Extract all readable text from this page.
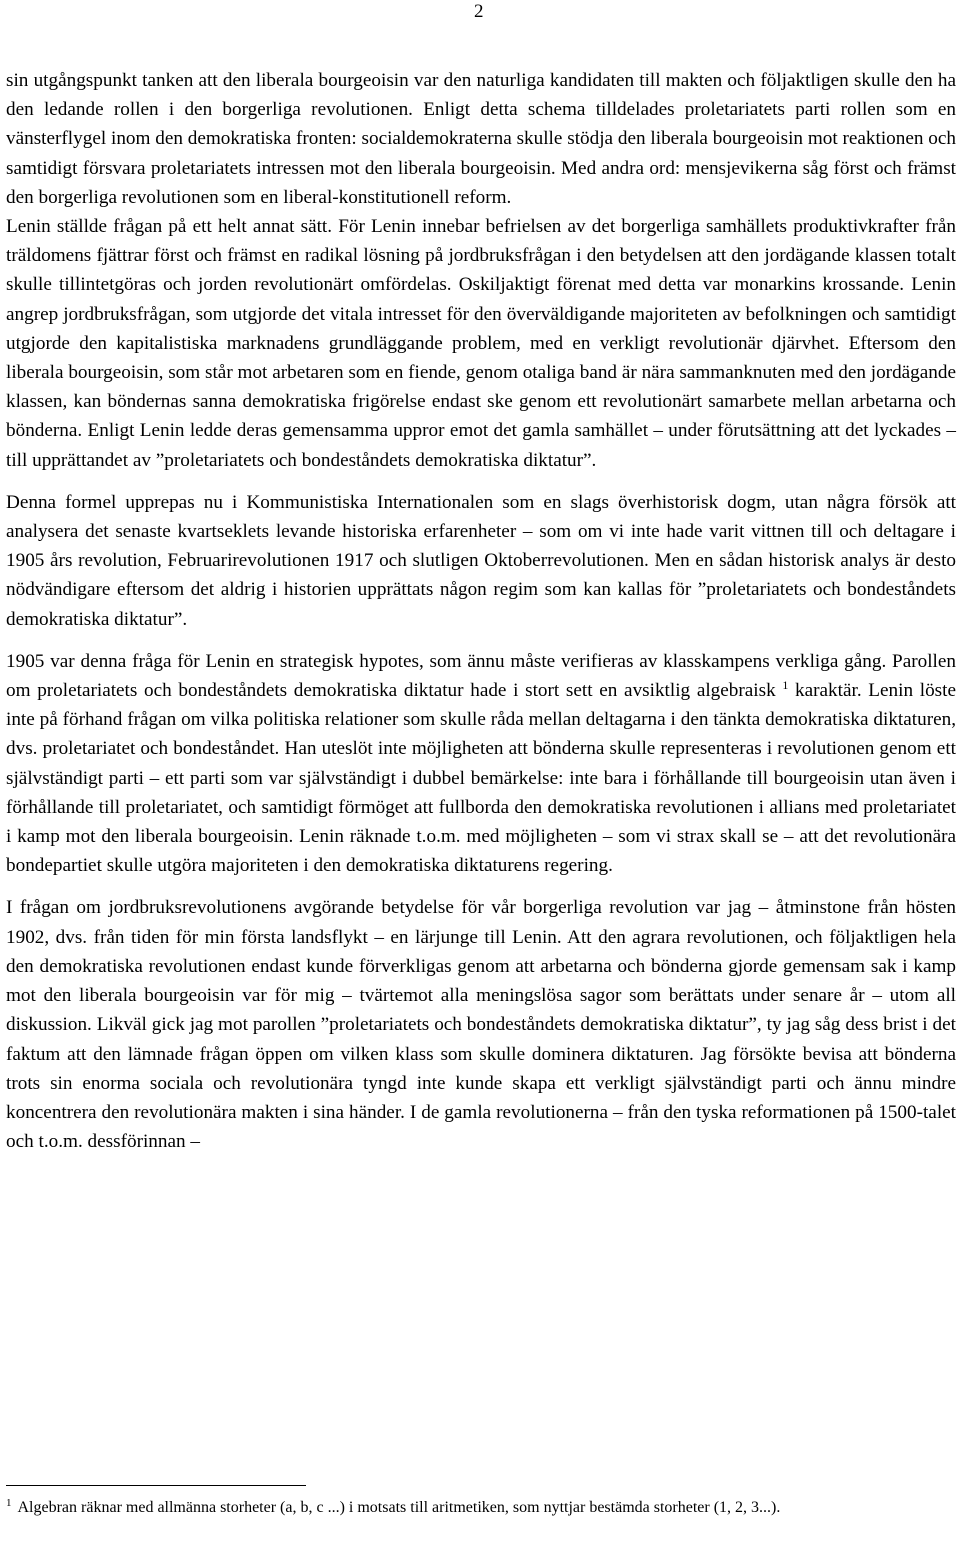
2

sin utgångspunkt tanken att den liberala bourgeoisin var den naturliga kandidaten till makten och följaktligen skulle den ha den ledande rollen i den borgerliga revolutionen. Enligt detta schema tilldelades proletariatets parti rollen som en vänsterflygel inom den demokratiska fronten: socialdemokraterna skulle stödja den liberala bourgeoisin mot reaktionen och samtidigt försvara proletariatets intressen mot den liberala bourgeoisin. Med andra ord: mensjevikerna såg först och främst den borgerliga revolutionen som en liberal-konstitutionell reform.

Lenin ställde frågan på ett helt annat sätt. För Lenin innebar befrielsen av det borgerliga samhällets produktivkrafter från träldomens fjättrar först och främst en radikal lösning på jordbruksfrågan i den betydelsen att den jordägande klassen totalt skulle tillintetgöras och jorden revolutionärt omfördelas. Oskiljaktigt förenat med detta var monarkins krossande. Lenin angrep jordbruksfrågan, som utgjorde det vitala intresset för den överväldigande majoriteten av befolkningen och samtidigt utgjorde den kapitalistiska marknadens grundläggande problem, med en verkligt revolutionär djärvhet. Eftersom den liberala bourgeoisin, som står mot arbetaren som en fiende, genom otaliga band är nära sammanknuten med den jordägande klassen, kan böndernas sanna demokratiska frigörelse endast ske genom ett revolutionärt samarbete mellan arbetarna och bönderna. Enligt Lenin ledde deras gemensamma uppror emot det gamla samhället – under förutsättning att det lyckades – till upprättandet av ”proletariatets och bondeståndets demokratiska diktatur”.

Denna formel upprepas nu i Kommunistiska Internationalen som en slags överhistorisk dogm, utan några försök att analysera det senaste kvartseklets levande historiska erfarenheter – som om vi inte hade varit vittnen till och deltagare i 1905 års revolution, Februarirevolutionen 1917 och slutligen Oktoberrevolutionen. Men en sådan historisk analys är desto nödvändigare eftersom det aldrig i historien upprättats någon regim som kan kallas för ”proletariatets och bondeståndets demokratiska diktatur”.

1905 var denna fråga för Lenin en strategisk hypotes, som ännu måste verifieras av klasskampens verkliga gång. Parollen om proletariatets och bondeståndets demokratiska diktatur hade i stort sett en avsiktlig algebraisk $^1$ karaktär. Lenin löste inte på förhand frågan om vilka politiska relationer som skulle råda mellan deltagarna i den tänkta demokratiska diktaturen, dvs. proletariatet och bondeståndet. Han uteslöt inte möjligheten att bönderna skulle representeras i revolutionen genom ett självständigt parti – ett parti som var självständigt i dubbel bemärkelse: inte bara i förhållande till bourgeoisin utan även i förhållande till proletariatet, och samtidigt förmöget att fullborda den demokratiska revolutionen i allians med proletariatet i kamp mot den liberala bourgeoisin. Lenin räknade t.o.m. med möjligheten – som vi strax skall se – att det revolutionära bondepartiet skulle utgöra majoriteten i den demokratiska diktaturens regering.

I frågan om jordbruksrevolutionens avgörande betydelse för vår borgerliga revolution var jag – åtminstone från hösten 1902, dvs. från tiden för min första landsflykt – en lärjunge till Lenin. Att den agrara revolutionen, och följaktligen hela den demokratiska revolutionen endast kunde förverkligas genom att arbetarna och bönderna gjorde gemensam sak i kamp mot den liberala bourgeoisin var för mig – tvärtemot alla meningslösa sagor som berättats under senare år – utom all diskussion. Likväl gick jag mot parollen ”proletariatets och bondeståndets demokratiska diktatur”, ty jag såg dess brist i det faktum att den lämnade frågan öppen om vilken klass som skulle dominera diktaturen. Jag försökte bevisa att bönderna trots sin enorma sociala och revolutionära tyngd inte kunde skapa ett verkligt självständigt parti och ännu mindre koncentrera den revolutionära makten i sina händer. I de gamla revolutionerna – från den tyska reformationen på 1500-talet och t.o.m. dessförinnan –

$^1$ Algebran räknar med allmänna storheter (a, b, c ...) i motsats till aritmetiken, som nyttjar bestämda storheter (1, 2, 3...).
